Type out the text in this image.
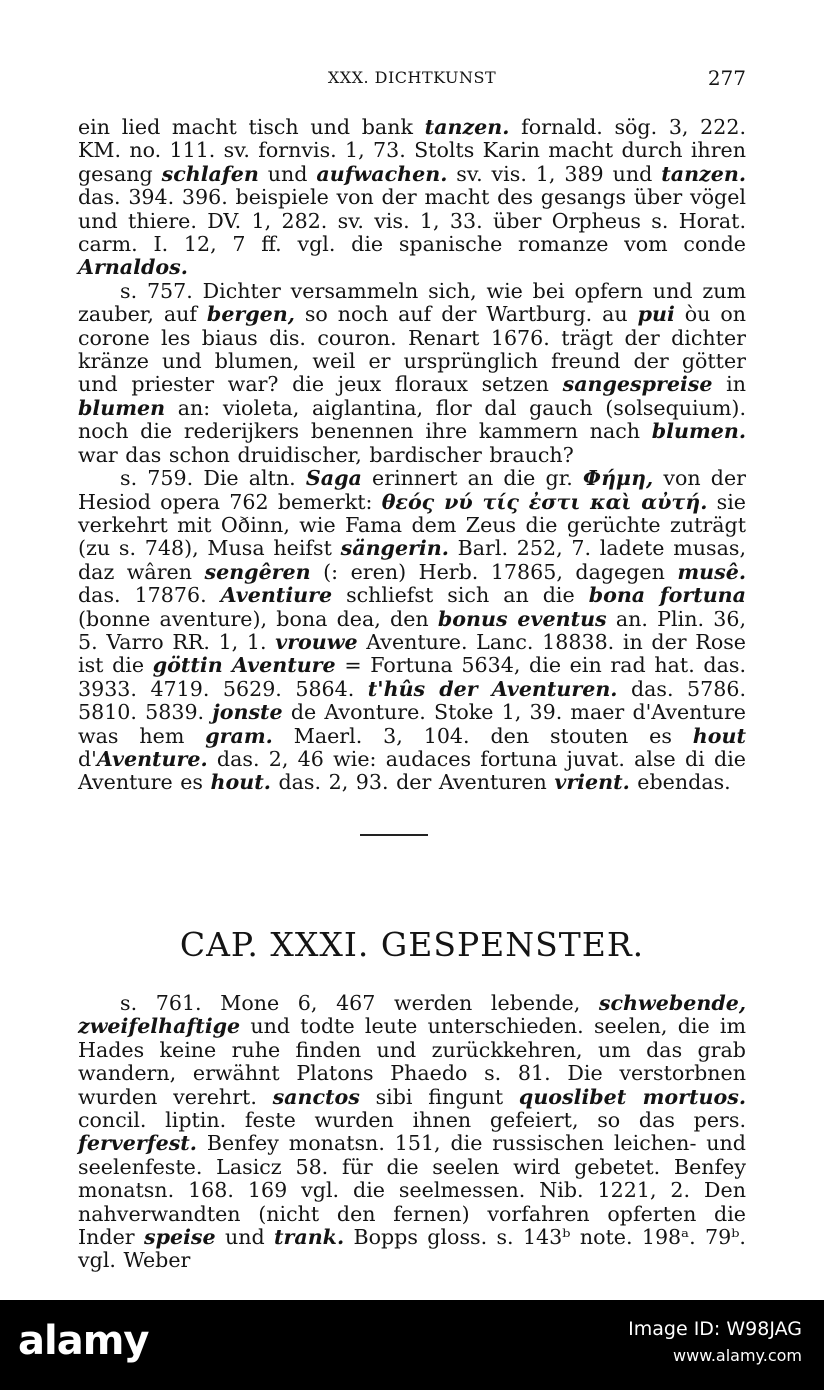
XXX. DICHTKUNST	277

ein lied macht tisch und bank tanzen. fornald. sög. 3, 222. KM. no. 111. sv. fornvis. 1, 73. Stolts Karin macht durch ihren gesang schlafen und aufwachen. sv. vis. 1, 389 und tanzen. das. 394. 396. beispiele von der macht des gesangs über vögel und thiere. DV. 1, 282. sv. vis. 1, 33. über Orpheus s. Horat. carm. I. 12, 7 ff. vgl. die spanische romanze vom conde Arnaldos.

s. 757. Dichter versammeln sich, wie bei opfern und zum zauber, auf bergen, so noch auf der Wartburg. au pui òu on corone les biaus dis. couron. Renart 1676. trägt der dichter kränze und blumen, weil er ursprünglich freund der götter und priester war? die jeux floraux setzen sangespreise in blumen an: violeta, aiglantina, flor dal gauch (solsequium). noch die rederijkers benennen ihre kammern nach blumen. war das schon druidischer, bardischer brauch?

s. 759. Die altn. Saga erinnert an die gr. Φήμη, von der Hesiod opera 762 bemerkt: θεός νύ τίς ἐστι καὶ αὐτή. sie verkehrt mit Oðinn, wie Fama dem Zeus die gerüchte zuträgt (zu s. 748), Musa heifst sängerin. Barl. 252, 7. ladete musas, daz wâren sengêren (: eren) Herb. 17865, dagegen musê. das. 17876. Aventiure schliefst sich an die bona fortuna (bonne aventure), bona dea, den bonus eventus an. Plin. 36, 5. Varro RR. 1, 1. vrouwe Aventure. Lanc. 18838. in der Rose ist die göttin Aventure = Fortuna 5634, die ein rad hat. das. 3933. 4719. 5629. 5864. t'hûs der Aventuren. das. 5786. 5810. 5839. jonste de Avonture. Stoke 1, 39. maer d'Aventure was hem gram. Maerl. 3, 104. den stouten es hout d'Aventure. das. 2, 46 wie: audaces fortuna juvat. alse di die Aventure es hout. das. 2, 93. der Aventuren vrient. ebendas.

CAP. XXXI. GESPENSTER.

s. 761. Mone 6, 467 werden lebende, schwebende, zweifelhaftige und todte leute unterschieden. seelen, die im Hades keine ruhe finden und zurückkehren, um das grab wandern, erwähnt Platons Phaedo s. 81. Die verstorbnen wurden verehrt. sanctos sibi fingunt quoslibet mortuos. concil. liptin. feste wurden ihnen gefeiert, so das pers. ferverfest. Benfey monatsn. 151, die russischen leichen- und seelenfeste. Lasicz 58. für die seelen wird gebetet. Benfey monatsn. 168. 169 vgl. die seelmessen. Nib. 1221, 2. Den nahverwandten (nicht den fernen) vorfahren opferten die Inder speise und trank. Bopps gloss. s. 143ᵇ note. 198ᵃ. 79ᵇ. vgl. Weber

alamy	Image ID: W98JAG
www.alamy.com
